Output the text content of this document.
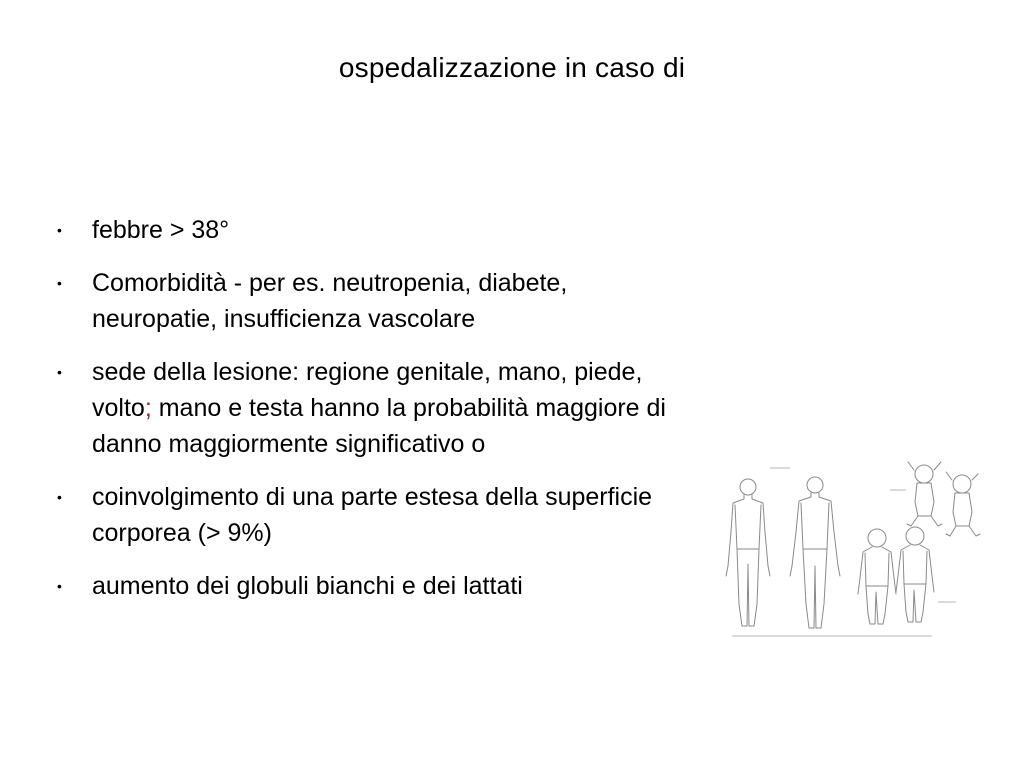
ospedalizzazione in caso di
• febbre > 38°
• Comorbidità - per es. neutropenia, diabete, neuropatie, insufficienza vascolare
• sede della lesione: regione genitale, mano, piede, volto; mano e testa hanno la probabilità maggiore di danno maggiormente significativo o
• coinvolgimento di una parte estesa della superficie corporea (> 9%)
• aumento dei globuli bianchi e dei lattati
